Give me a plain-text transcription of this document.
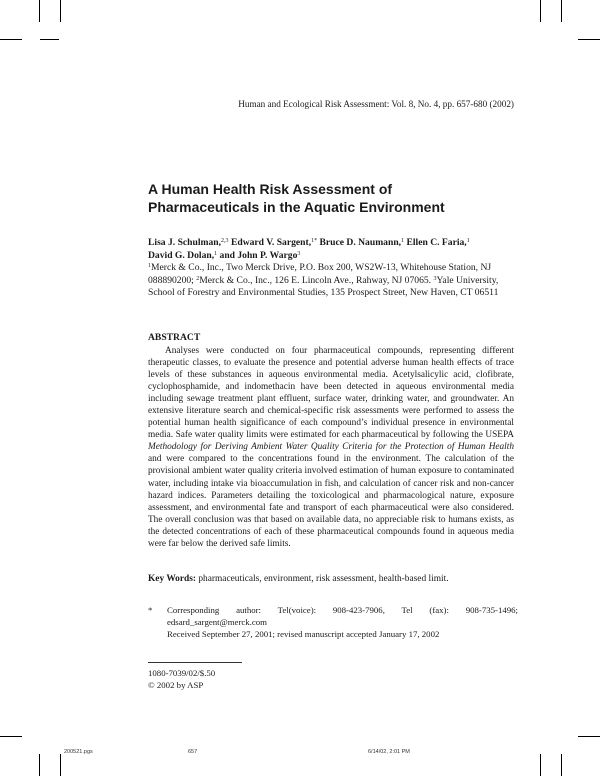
Human and Ecological Risk Assessment: Vol. 8, No. 4, pp. 657-680 (2002)
A Human Health Risk Assessment of
Pharmaceuticals in the Aquatic Environment
Lisa J. Schulman,$^{2,3}$ Edward V. Sargent,$^{1*}$ Bruce D. Naumann,$^1$ Ellen C. Faria,$^1$
David G. Dolan,$^1$ and John P. Wargo$^3$
$^1$Merck & Co., Inc., Two Merck Drive, P.O. Box 200, WS2W-13, Whitehouse Station, NJ 088890200; $^2$Merck & Co., Inc., 126 E. Lincoln Ave., Rahway, NJ 07065. $^3$Yale University, School of Forestry and Environmental Studies, 135 Prospect Street, New Haven, CT 06511
ABSTRACT

Analyses were conducted on four pharmaceutical compounds, representing different therapeutic classes, to evaluate the presence and potential adverse human health effects of trace levels of these substances in aqueous environmental media. Acetylsalicylic acid, clofibrate, cyclophosphamide, and indomethacin have been detected in aqueous environmental media including sewage treatment plant effluent, surface water, drinking water, and groundwater. An extensive literature search and chemical-specific risk assessments were performed to assess the potential human health significance of each compound’s individual presence in environmental media. Safe water quality limits were estimated for each pharmaceutical by following the USEPA Methodology for Deriving Ambient Water Quality Criteria for the Protection of Human Health and were compared to the concentrations found in the environment. The calculation of the provisional ambient water quality criteria involved estimation of human exposure to contaminated water, including intake via bioaccumulation in fish, and calculation of cancer risk and non-cancer hazard indices. Parameters detailing the toxicological and pharmacological nature, exposure assessment, and environmental fate and transport of each pharmaceutical were also considered. The overall conclusion was that based on available data, no appreciable risk to humans exists, as the detected concentrations of each of these pharmaceutical compounds found in aqueous media were far below the derived safe limits.

Key Words: pharmaceuticals, environment, risk assessment, health-based limit.
*	Corresponding author: Tel(voice): 908-423-7906, Tel (fax): 908-735-1496; edsard_sargent@merck.com
Received September 27, 2001; revised manuscript accepted January 17, 2002
1080-7039/02/$.50
© 2002 by ASP
200521.pgs	657	6/14/02, 2:01 PM
